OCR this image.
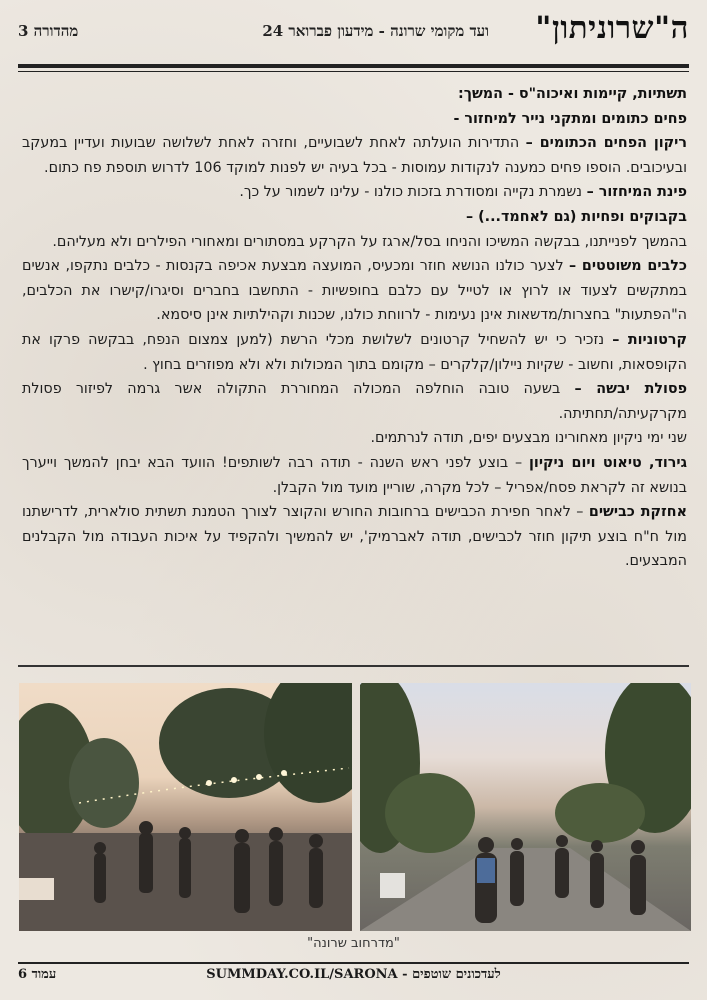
ה"שרוניתון"
ועד מקומי שרונה - מידעון פברואר 24
מהדורה 3

תשתיות, קיימות ואיכוה"ס - המשך:

פחים כתומים ומתקני נייר למיחזור -

ריקון הפחים הכתומים – התדירות הועלתה לאחת לשבועיים, וחזרה לאחת לשלושה שבועות ועדיין במעקב ובעיכובים. הוספו פחים כמענה לנקודות עמוסות - בכל בעיה יש לפנות למוקד 106 לדרוש תוספת פח כתום.

פינת המיחזור – נשמרת נקייה ומסודרת בזכות כולנו - עלינו לשמור על כך.

בקבוקים ופחיות (גם לאחמד...) –

בהמשך לפנייתנו, בבקשה המשיכו והניחו בסל/ארגז על הקרקע במסתורים ומאחורי הפילרים ולא מעליהם.

כלבים משוטטים – לצער כולנו הנושא חוזר ומכעיס, המועצה מבצעת אכיפה בקנסות - כלבים נתקפו, אנשים במתקשים לצעוד או לרוץ או לטייל עם כלבם בחופשיות - התחשבו בחברים וסיגרו/קישרו את הכלבים, ה"הפתעות" בחצרות/מדשאות אינן נעימות - לרווחת כולנו, שכנות וקהילתיות אינן סיסמא.

קרטוניות – נזכיר כי יש להשחיל קרטונים לשלושת מכלי הרשת (למען צמצום הנפח, בבקשה פרקו את הקופסאות, וחשוב - שקיות ניילון/קלקרים – מקומם בתוך המכולות ולא ולא מפוזרים בחוץ .

פסולת יבשה – בשעה טובה הוחלפה המכולה המחוררת התקולה אשר גרמה לפיזור פסולת מקרקעיתה/תחתיתה.

שני ימי ניקיון מאחורינו מבצעים יפים, תודה לנרתמים.

גירוד, טיאוט ויום ניקיון – בוצע לפני ראש השנה - תודה רבה לשותפים! הוועד הבא יבחן להמשך וייערך בנושא זה לקראת פסח/אפריל – לכל מקרה, שוריין מועד מול הקבלן.

אחזקת כבישים – לאחר חפירת הכבישים ברחובות החורש והקוצר לצורך הטמנת תשתית סולארית, לדרישתנו מול ח"ח בוצע תיקון חוזר לכבישים, תודה לאברמיק', יש להמשיך ולהקפיד על איכות העבודה מול הקבלנים המבצעים.

"מדרחוב שרונה"
לעדכונים שוטפים - SUMMDAY.CO.IL/SARONA
עמוד 6
